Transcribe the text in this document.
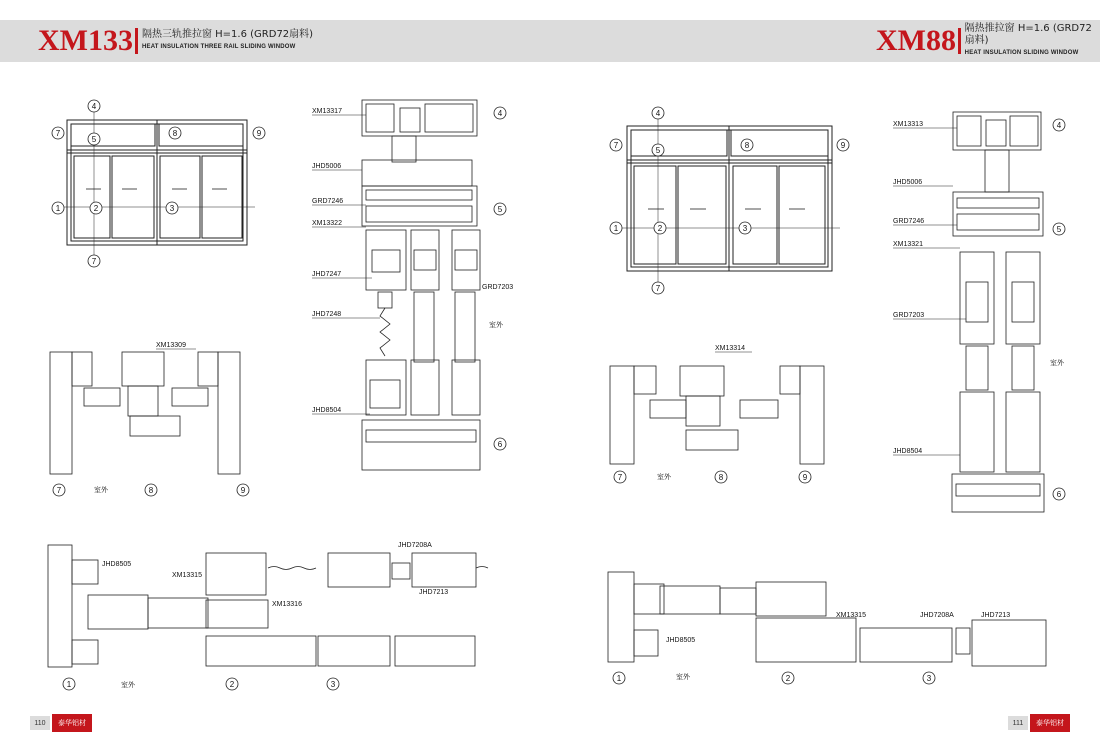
XM133 隔热三轨推拉窗 H=1.6 (GRD72扇料)
HEAT INSULATION THREE RAIL SLIDING WINDOW	XM88 隔热推拉窗 H=1.6 (GRD72扇料)
HEAT INSULATION SLIDING WINDOW
4
7
5
8	9
1	2	3
7
XM13317
JHD5006
GRD7246
XM13322
JHD7247
JHD7248
JHD8504
GRD7203
室外
4
5
6
XM13309
7	室外	8	9
JHD8505
XM13315
XM13316
JHD7208A
JHD7213
1	室外	2	3
4
7
5
8	9
1	2	3
7
XM13313
JHD5006
GRD7246
XM13321
GRD7203
JHD8504
室外
4
5
6
XM13314
7	室外	8	9
XM13315	JHD7208A	JHD7213
JHD8505
1	室外	2	3
110	泰华铝材	111	泰华铝材
